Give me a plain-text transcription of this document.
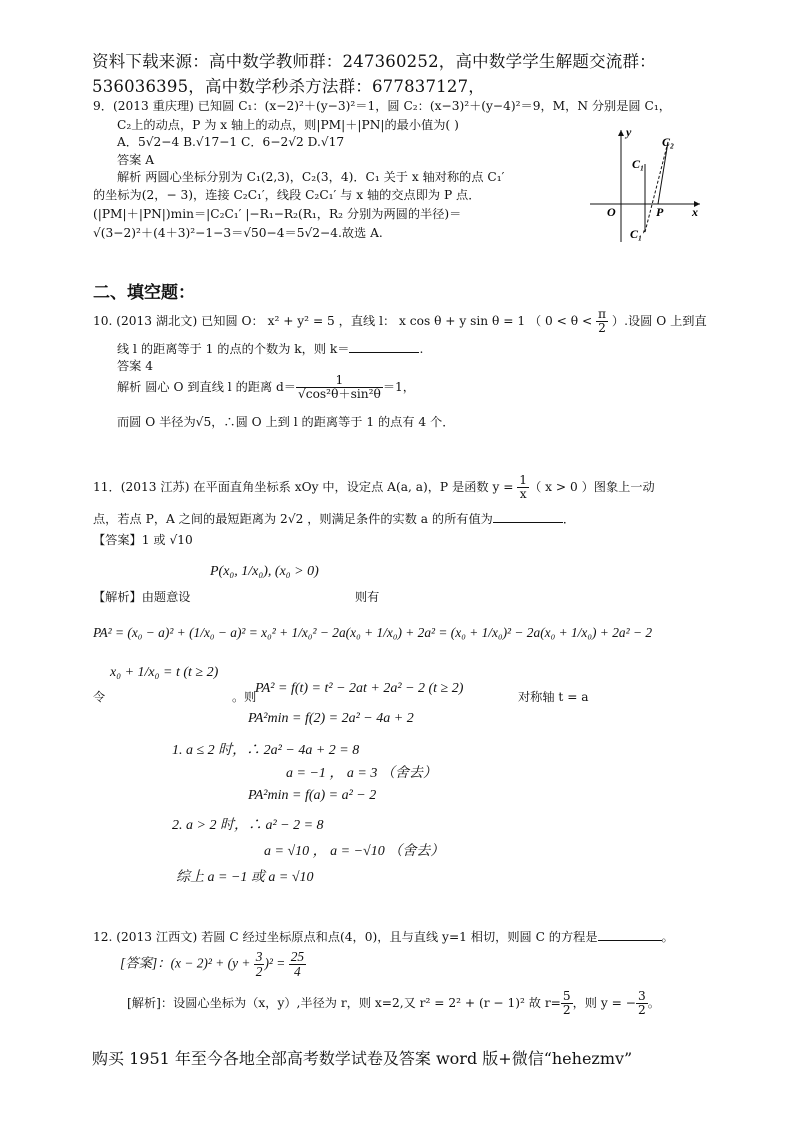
资料下载来源：高中数学教师群：247360252，高中数学学生解题交流群：
536036395，高中数学秒杀方法群：677837127，
9．(2013 重庆理) 已知圆 C₁：(x−2)²＋(y−3)²＝1，圆 C₂：(x−3)²＋(y−4)²＝9，M，N 分别是圆 C₁，
C₂上的动点，P 为 x 轴上的动点，则|PM|＋|PN|的最小值为( )
A．5√2−4 B.√17−1 C．6−2√2 D.√17
答案 A
解析 两圆心坐标分别为 C₁(2,3)，C₂(3，4)．C₁ 关于 x 轴对称的点 C₁′
的坐标为(2，− 3)，连接 C₂C₁′，线段 C₂C₁′ 与 x 轴的交点即为 P 点．
(|PM|＋|PN|)min＝|C₂C₁′ |−R₁−R₂(R₁，R₂ 分别为两圆的半径)＝
√(3−2)²＋(4＋3)²−1−3＝√50−4＝5√2−4.故选 A.
y
x
O	P
C₁
C₂
C₁′
二、填空题：
10. (2013 湖北文) 已知圆 O： x² + y² = 5 ，直线 l： x cos θ + y sin θ = 1 （ $0 < \theta < \frac{\pi}{2}$ ）.设圆 O 上到直
线 l 的距离等于 1 的点的个数为 k，则 k＝	.
答案 4
解析 圆心 O 到直线 l 的距离 $d= \frac{1}{\text{√cos²θ＋sin²θ}} =1$，
而圆 O 半径为√5，∴圆 O 上到 l 的距离等于 1 的点有 4 个．
11．(2013 江苏) 在平面直角坐标系 xOy 中，设定点 A(a, a)，P 是函数 $y = \frac{1}{x}$ （ x > 0 ）图象上一动
点，若点 P，A 之间的最短距离为 2√2 ，则满足条件的实数 a 的所有值为	．
【答案】1 或 √10
P(x₀, 1/x₀), (x₀ > 0)
【解析】由题意设	则有
PA² = (x₀ − a)² + (1/x₀ − a)² = x₀² + 1/x₀² − 2a(x₀ + 1/x₀) + 2a² = (x₀ + 1/x₀)² − 2a(x₀ + 1/x₀) + 2a² − 2
x₀ + 1/x₀ = t (t ≥ 2)
令	。则
PA² = f(t) = t² − 2at + 2a² − 2 (t ≥ 2)
对称轴 t = a
PA²min = f(2) = 2a² − 4a + 2
1. a ≤ 2 时，∴ 2a² − 4a + 2 = 8
a = −1 ， a = 3 （舍去）
PA²min = f(a) = a² − 2
2. a > 2 时，∴ a² − 2 = 8
a = √10 ， a = −√10 （舍去）
综上 a = −1 或 a = √10
12. (2013 江西文) 若圆 C 经过坐标原点和点(4，0)，且与直线 y=1 相切，则圆 C 的方程是	。
[答案]：$(x - 2)^2 + (y + \frac{3}{2} )^2 = \frac{25}{4}$
[解析]：设圆心坐标为（x，y）,半径为 r，则 x=2,又 r² = 2² + (r − 1)² 故 $r= \frac{5}{2}$ ，则 y = − $\frac{3}{2}$ 。
购买 1951 年至今各地全部高考数学试卷及答案 word 版+微信“hehezmv”
